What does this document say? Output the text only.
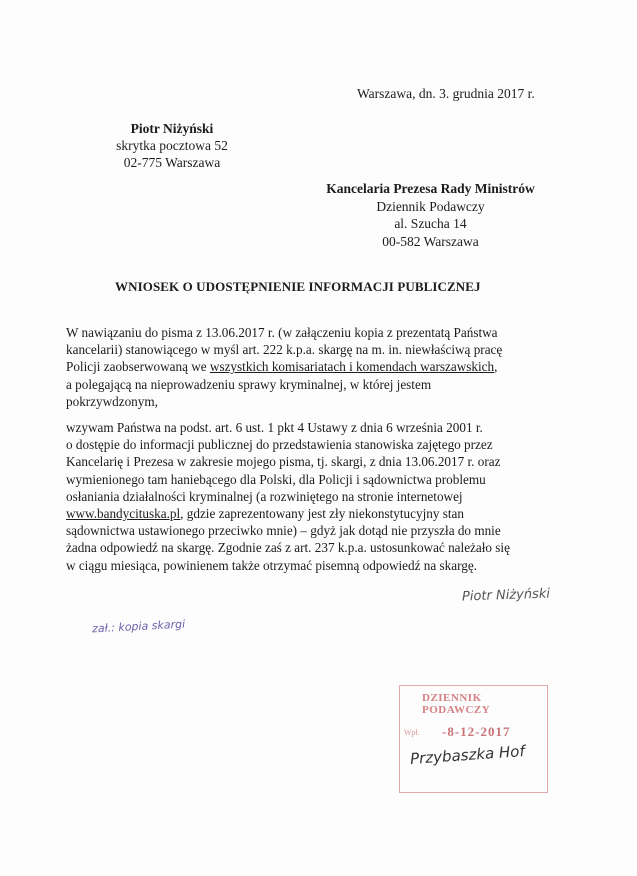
Warszawa, dn. 3. grudnia 2017 r.
Piotr Niżyński
skrytka pocztowa 52
02-775 Warszawa
Kancelaria Prezesa Rady Ministrów
Dziennik Podawczy
al. Szucha 14
00-582 Warszawa
WNIOSEK O UDOSTĘPNIENIE INFORMACJI PUBLICZNEJ
W nawiązaniu do pisma z 13.06.2017 r. (w załączeniu kopia z prezentatą Państwa
kancelarii) stanowiącego w myśl art. 222 k.p.a. skargę na m. in. niewłaściwą pracę
Policji zaobserwowaną we wszystkich komisariatach i komendach warszawskich,
a polegającą na nieprowadzeniu sprawy kryminalnej, w której jestem
pokrzywdzonym,
wzywam Państwa na podst. art. 6 ust. 1 pkt 4 Ustawy z dnia 6 września 2001 r.
o dostępie do informacji publicznej do przedstawienia stanowiska zajętego przez
Kancelarię i Prezesa w zakresie mojego pisma, tj. skargi, z dnia 13.06.2017 r. oraz
wymienionego tam haniebącego dla Polski, dla Policji i sądownictwa problemu
osłaniania działalności kryminalnej (a rozwiniętego na stronie internetowej
www.bandycituska.pl, gdzie zaprezentowany jest zły niekonstytucyjny stan
sądownictwa ustawionego przeciwko mnie) – gdyż jak dotąd nie przyszła do mnie
żadna odpowiedź na skargę. Zgodnie zaś z art. 237 k.p.a. ustosunkować należało się
w ciągu miesiąca, powinienem także otrzymać pisemną odpowiedź na skargę.
Piotr Niżyński
zał.: kopia skargi
DZIENNIK PODAWCZY
Wpł. -8-12-2017
Przybaszka Hof
